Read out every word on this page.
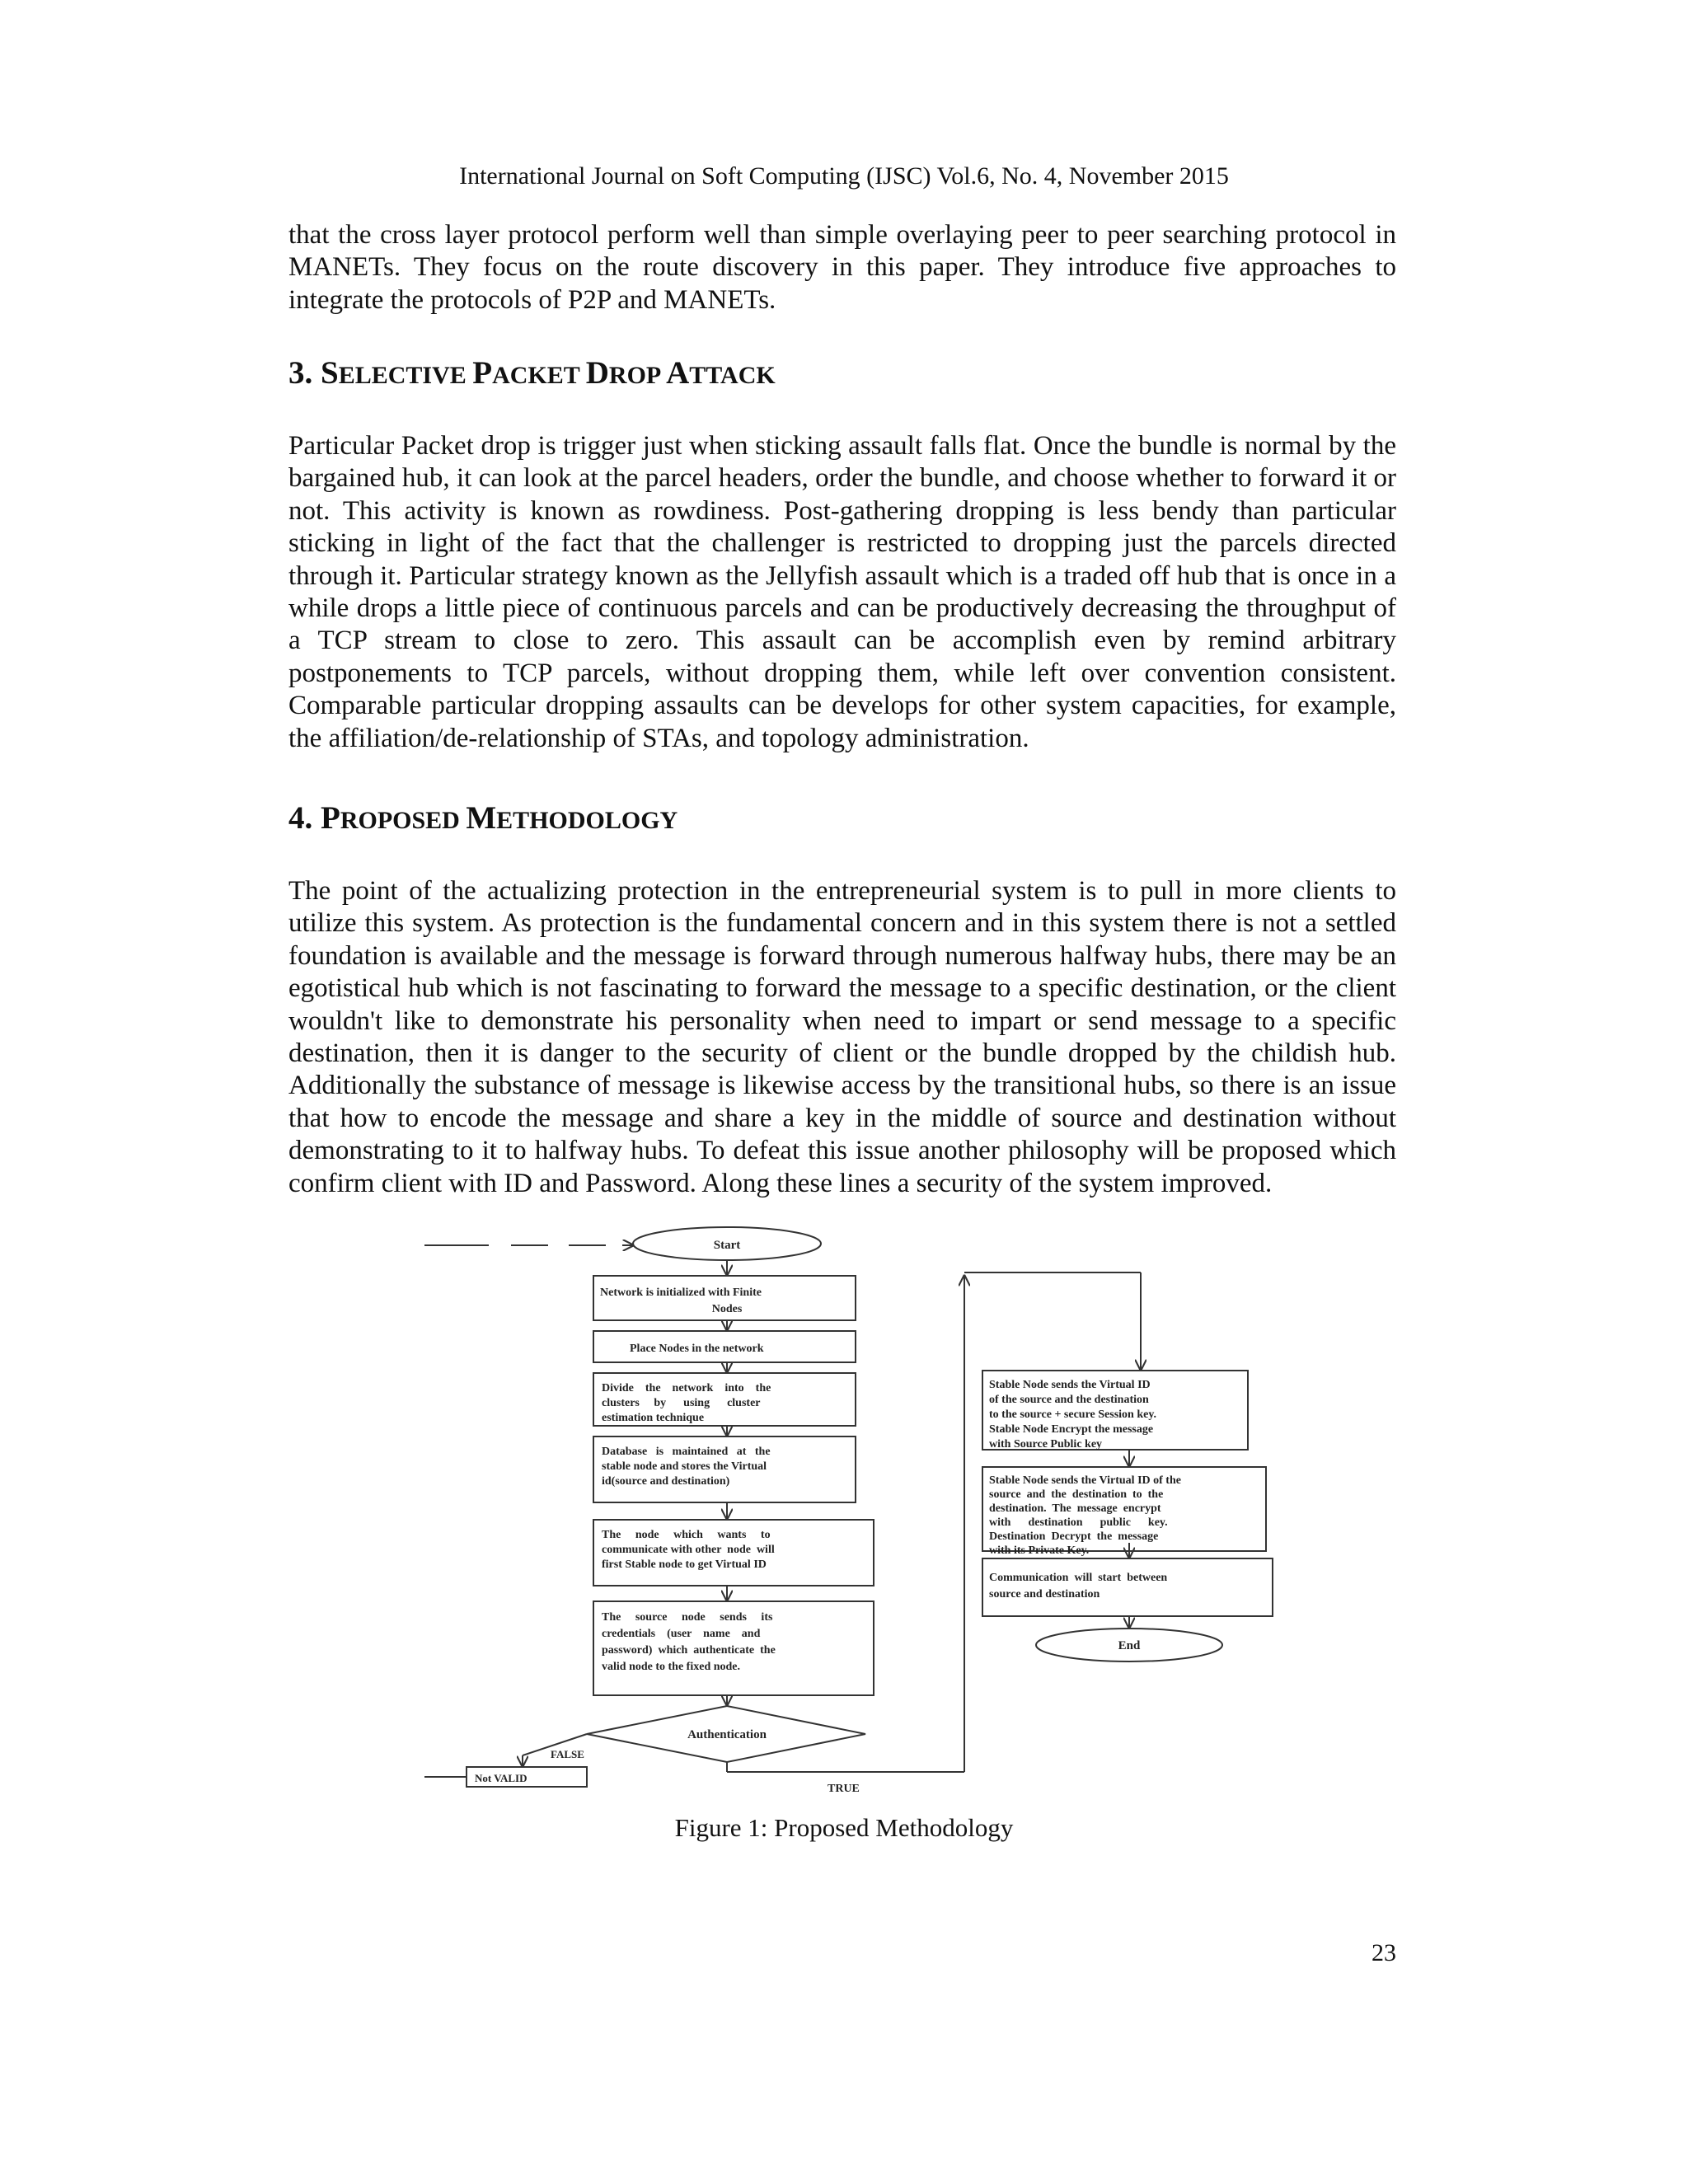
International Journal on Soft Computing (IJSC) Vol.6, No. 4, November 2015

that the cross layer protocol perform well than simple overlaying peer to peer searching protocol in MANETs. They focus on the route discovery in this paper. They introduce five approaches to integrate the protocols of P2P and MANETs.

3. SELECTIVE PACKET DROP ATTACK

Particular Packet drop is trigger just when sticking assault falls flat. Once the bundle is normal by the bargained hub, it can look at the parcel headers, order the bundle, and choose whether to forward it or not. This activity is known as rowdiness. Post-gathering dropping is less bendy than particular sticking in light of the fact that the challenger is restricted to dropping just the parcels directed through it. Particular strategy known as the Jellyfish assault which is a traded off hub that is once in a while drops a little piece of continuous parcels and can be productively decreasing the throughput of a TCP stream to close to zero. This assault can be accomplish even by remind arbitrary postponements to TCP parcels, without dropping them, while left over convention consistent. Comparable particular dropping assaults can be develops for other system capacities, for example, the affiliation/de-relationship of STAs, and topology administration.

4. PROPOSED METHODOLOGY

The point of the actualizing protection in the entrepreneurial system is to pull in more clients to utilize this system. As protection is the fundamental concern and in this system there is not a settled foundation is available and the message is forward through numerous halfway hubs, there may be an egotistical hub which is not fascinating to forward the message to a specific destination, or the client wouldn't like to demonstrate his personality when need to impart or send message to a specific destination, then it is danger to the security of client or the bundle dropped by the childish hub. Additionally the substance of message is likewise access by the transitional hubs, so there is an issue that how to encode the message and share a key in the middle of source and destination without demonstrating to it to halfway hubs. To defeat this issue another philosophy will be proposed which confirm client with ID and Password. Along these lines a security of the system improved.

Start
Network is initialized with Finite
Nodes
Place Nodes in the network
Divide    the    network    into    the
clusters     by      using      cluster
estimation technique
Database   is   maintained   at   the
stable node and stores the Virtual
id(source and destination)
The     node     which     wants     to
communicate with other  node  will
first Stable node to get Virtual ID
The     source     node     sends     its
credentials    (user    name    and
password)  which  authenticate  the
valid node to the fixed node.
Authentication
FALSE
TRUE
Not VALID
Stable Node sends the Virtual ID
of the source and the destination
to the source + secure Session key.
Stable Node Encrypt the message
with Source Public key
Stable Node sends the Virtual ID of the
source  and  the  destination  to  the
destination.  The  message  encrypt
with      destination      public      key.
Destination  Decrypt  the  message
with its Private Key.
Communication  will  start  between
source and destination
End
Figure 1: Proposed Methodology
23
